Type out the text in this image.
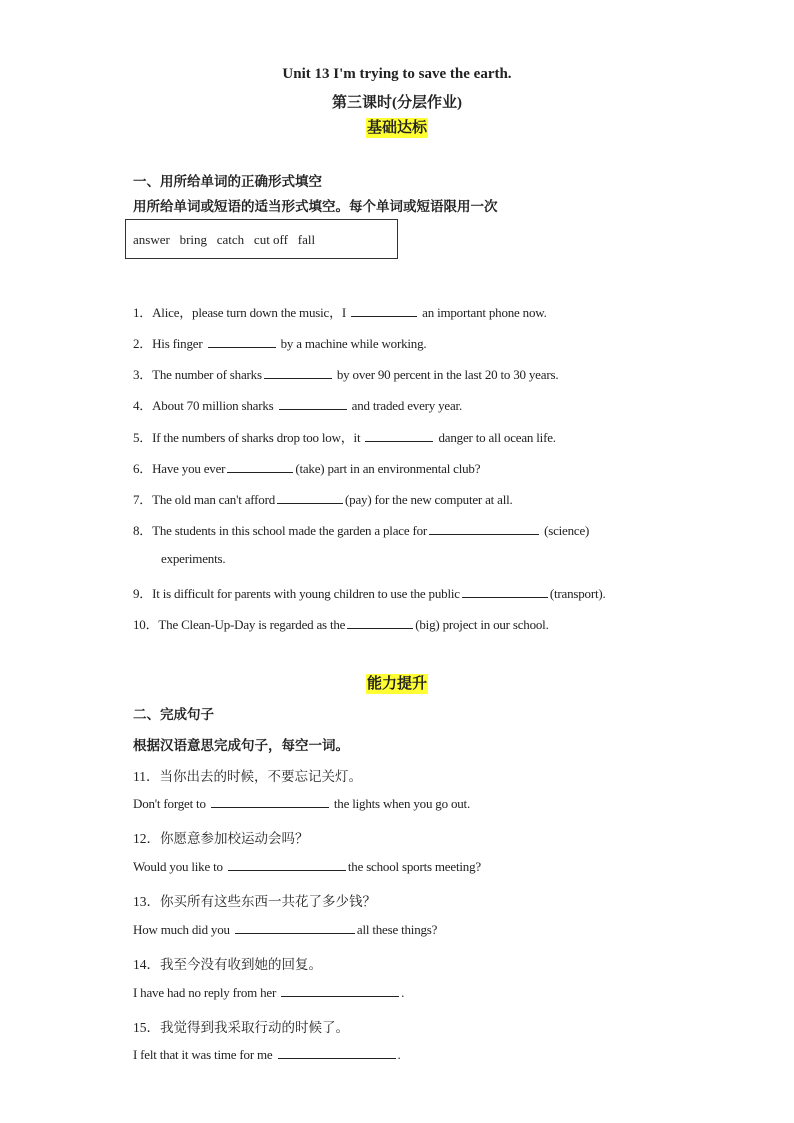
Unit 13 I'm trying to save the earth.
第三课时(分层作业)
基础达标
一、用所给单词的正确形式填空
用所给单词或短语的适当形式填空。每个单词或短语限用一次
answer   bring   catch   cut off   fall
1．Alice，please turn down the music，I	an important phone now.
2．His finger	by a machine while working.
3．The number of sharks	by over 90 percent in the last 20 to 30 years.
4．About 70 million sharks	and traded every year.
5．If the numbers of sharks drop too low，it	danger to all ocean life.
6．Have you ever	(take) part in an environmental club?
7．The old man can't afford	(pay) for the new computer at all.
8．The students in this school made the garden a place for	(science)
experiments.
9．It is difficult for parents with young children to use the public	(transport).
10．The Clean-Up-Day is regarded as the	(big) project in our school.
能力提升
二、完成句子
根据汉语意思完成句子，每空一词。
11．当你出去的时候，不要忘记关灯。
Don't forget to	the lights when you go out.
12．你愿意参加校运动会吗？
Would you like to	the school sports meeting?
13．你买所有这些东西一共花了多少钱？
How much did you	all these things?
14．我至今没有收到她的回复。
I have had no reply from her	.
15．我觉得到我采取行动的时候了。
I felt that it was time for me	.
